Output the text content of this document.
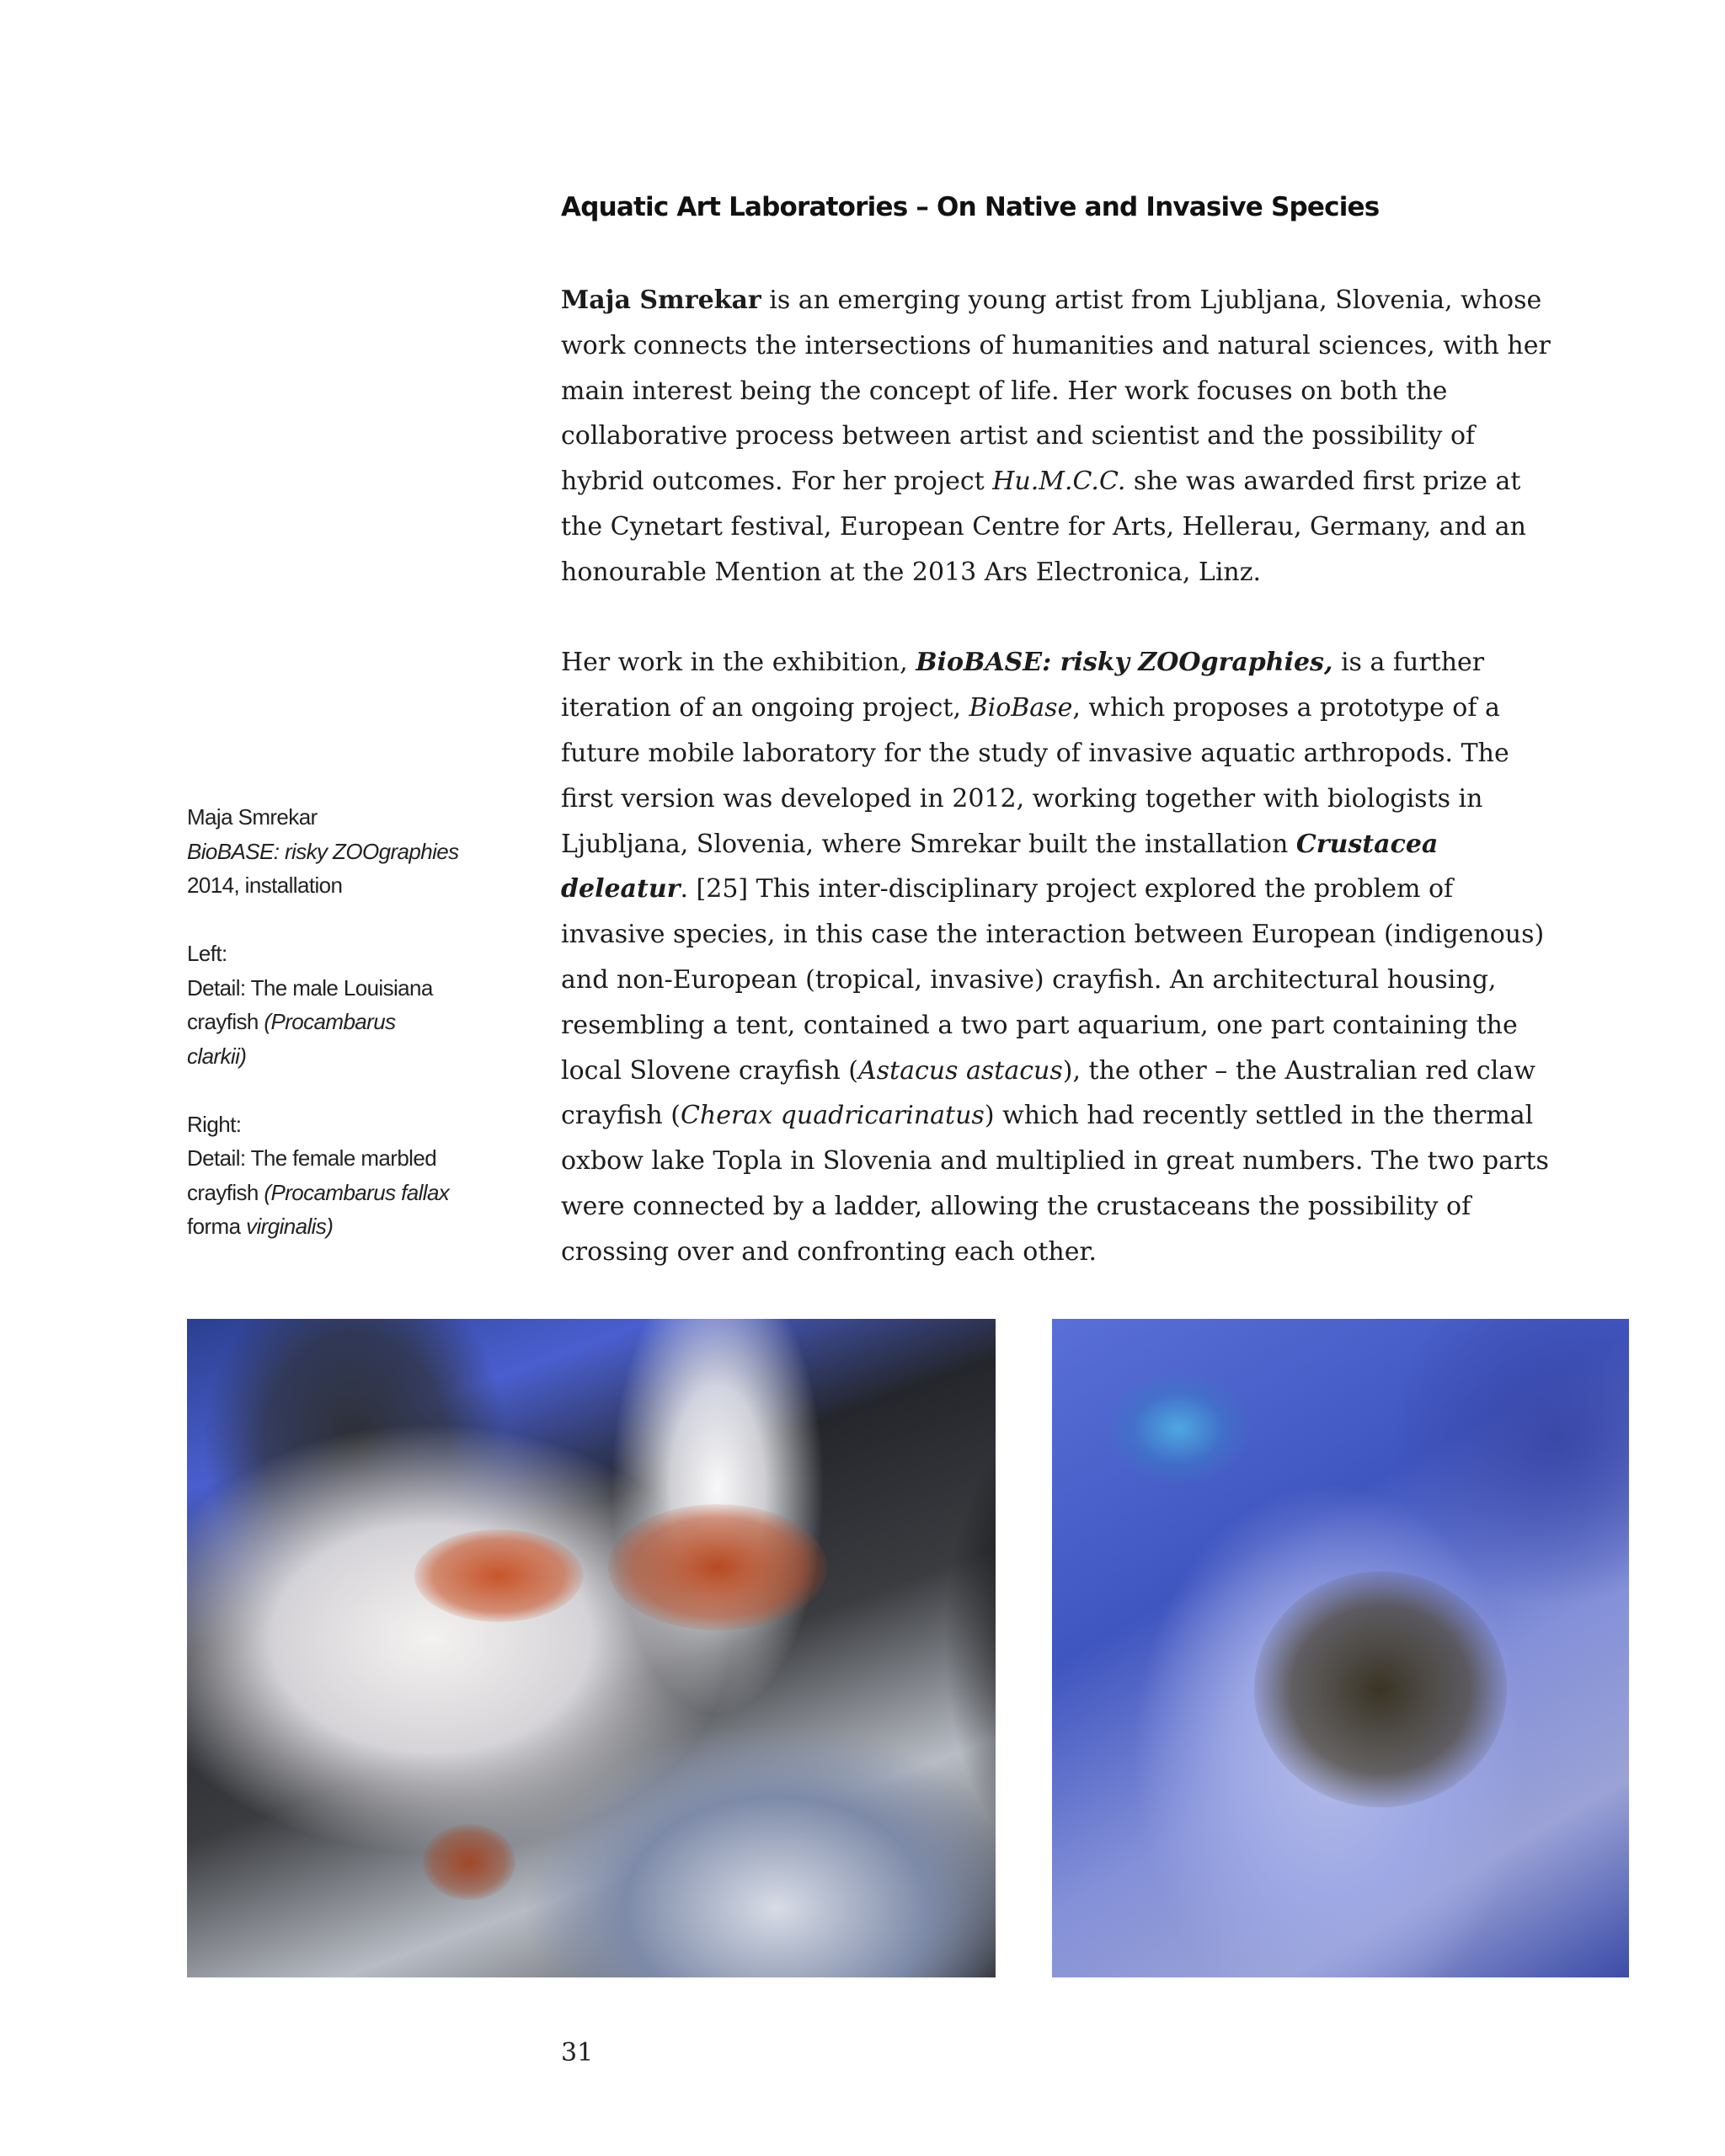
Aquatic Art Laboratories – On Native and Invasive Species

Maja Smrekar is an emerging young artist from Ljubljana, Slovenia, whose work connects the intersections of humanities and natural sciences, with her main interest being the concept of life. Her work focuses on both the collaborative process between artist and scientist and the possibility of hybrid outcomes. For her project Hu.M.C.C. she was awarded first prize at the Cynetart festival, European Centre for Arts, Hellerau, Germany, and an honourable Mention at the 2013 Ars Electronica, Linz.

Her work in the exhibition, BioBASE: risky ZOOgraphies, is a further iteration of an ongoing project, BioBase, which proposes a prototype of a future mobile laboratory for the study of invasive aquatic arthropods. The first version was developed in 2012, working together with biologists in Ljubljana, Slovenia, where Smrekar built the installation Crustacea deleatur. [25] This inter-disciplinary project explored the problem of invasive species, in this case the interaction between European (indigenous) and non-European (tropical, invasive) crayfish. An architectural housing, resembling a tent, contained a two part aquarium, one part containing the local Slovene crayfish (Astacus astacus), the other – the Australian red claw crayfish (Cherax quadricarinatus) which had recently settled in the thermal oxbow lake Topla in Slovenia and multiplied in great numbers. The two parts were connected by a ladder, allowing the crustaceans the possibility of crossing over and confronting each other.

Maja Smrekar
BioBASE: risky ZOOgraphies
2014, installation
Left:
Detail: The male Louisiana
crayfish (Procambarus
clarkii)
Right:
Detail: The female marbled
crayfish (Procambarus fallax
forma virginalis)
31
